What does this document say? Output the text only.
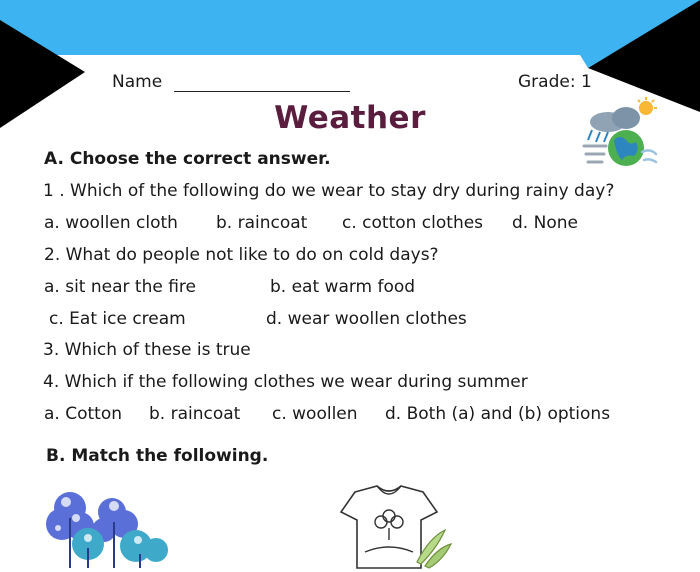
Name	Grade: 1
Weather
A. Choose the correct answer.
1 . Which of the following do we wear to stay dry during rainy day?
a. woollen cloth b. raincoat c. cotton clothes d. None
2. What do people not like to do on cold days?
a. sit near the fire	b. eat warm food
c. Eat ice cream	d. wear woollen clothes
3. Which of these is true
4. Which if the following clothes we wear during summer
a. Cotton b. raincoat c. woollen d. Both (a) and (b) options
B. Match the following.
